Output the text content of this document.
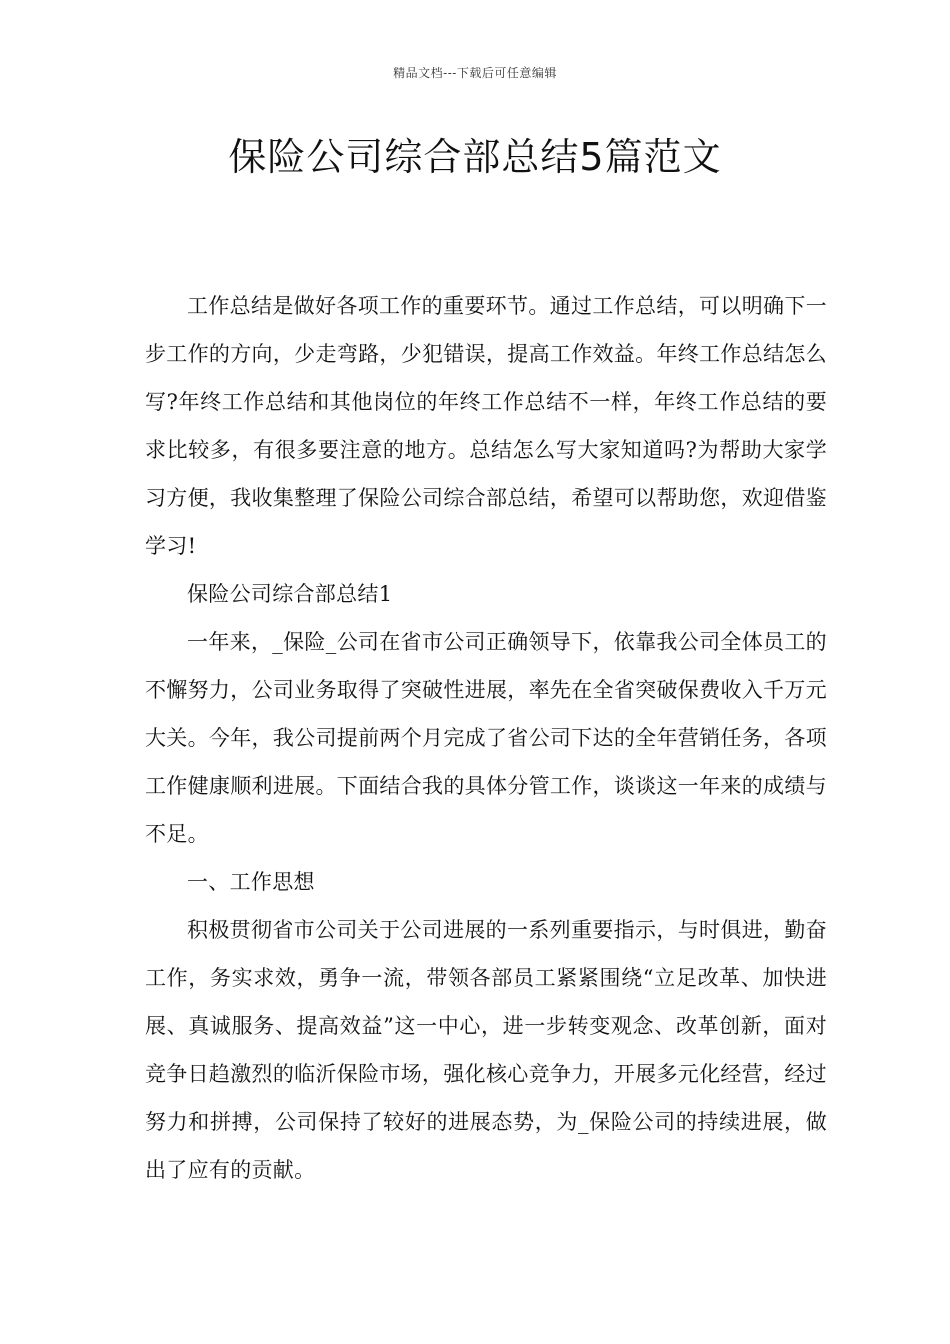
精品文档---下载后可任意编辑
保险公司综合部总结5篇范文

工作总结是做好各项工作的重要环节。通过工作总结，可以明确下一步工作的方向，少走弯路，少犯错误，提高工作效益。年终工作总结怎么写?年终工作总结和其他岗位的年终工作总结不一样，年终工作总结的要求比较多，有很多要注意的地方。总结怎么写大家知道吗?为帮助大家学习方便，我收集整理了保险公司综合部总结，希望可以帮助您，欢迎借鉴学习!

保险公司综合部总结1

一年来，_保险_公司在省市公司正确领导下，依靠我公司全体员工的不懈努力，公司业务取得了突破性进展，率先在全省突破保费收入千万元大关。今年，我公司提前两个月完成了省公司下达的全年营销任务，各项工作健康顺利进展。下面结合我的具体分管工作，谈谈这一年来的成绩与不足。

一、工作思想

积极贯彻省市公司关于公司进展的一系列重要指示，与时俱进，勤奋工作，务实求效，勇争一流，带领各部员工紧紧围绕“立足改革、加快进展、真诚服务、提高效益”这一中心，进一步转变观念、改革创新，面对竞争日趋激烈的临沂保险市场，强化核心竞争力，开展多元化经营，经过努力和拼搏，公司保持了较好的进展态势，为_保险公司的持续进展，做出了应有的贡献。
